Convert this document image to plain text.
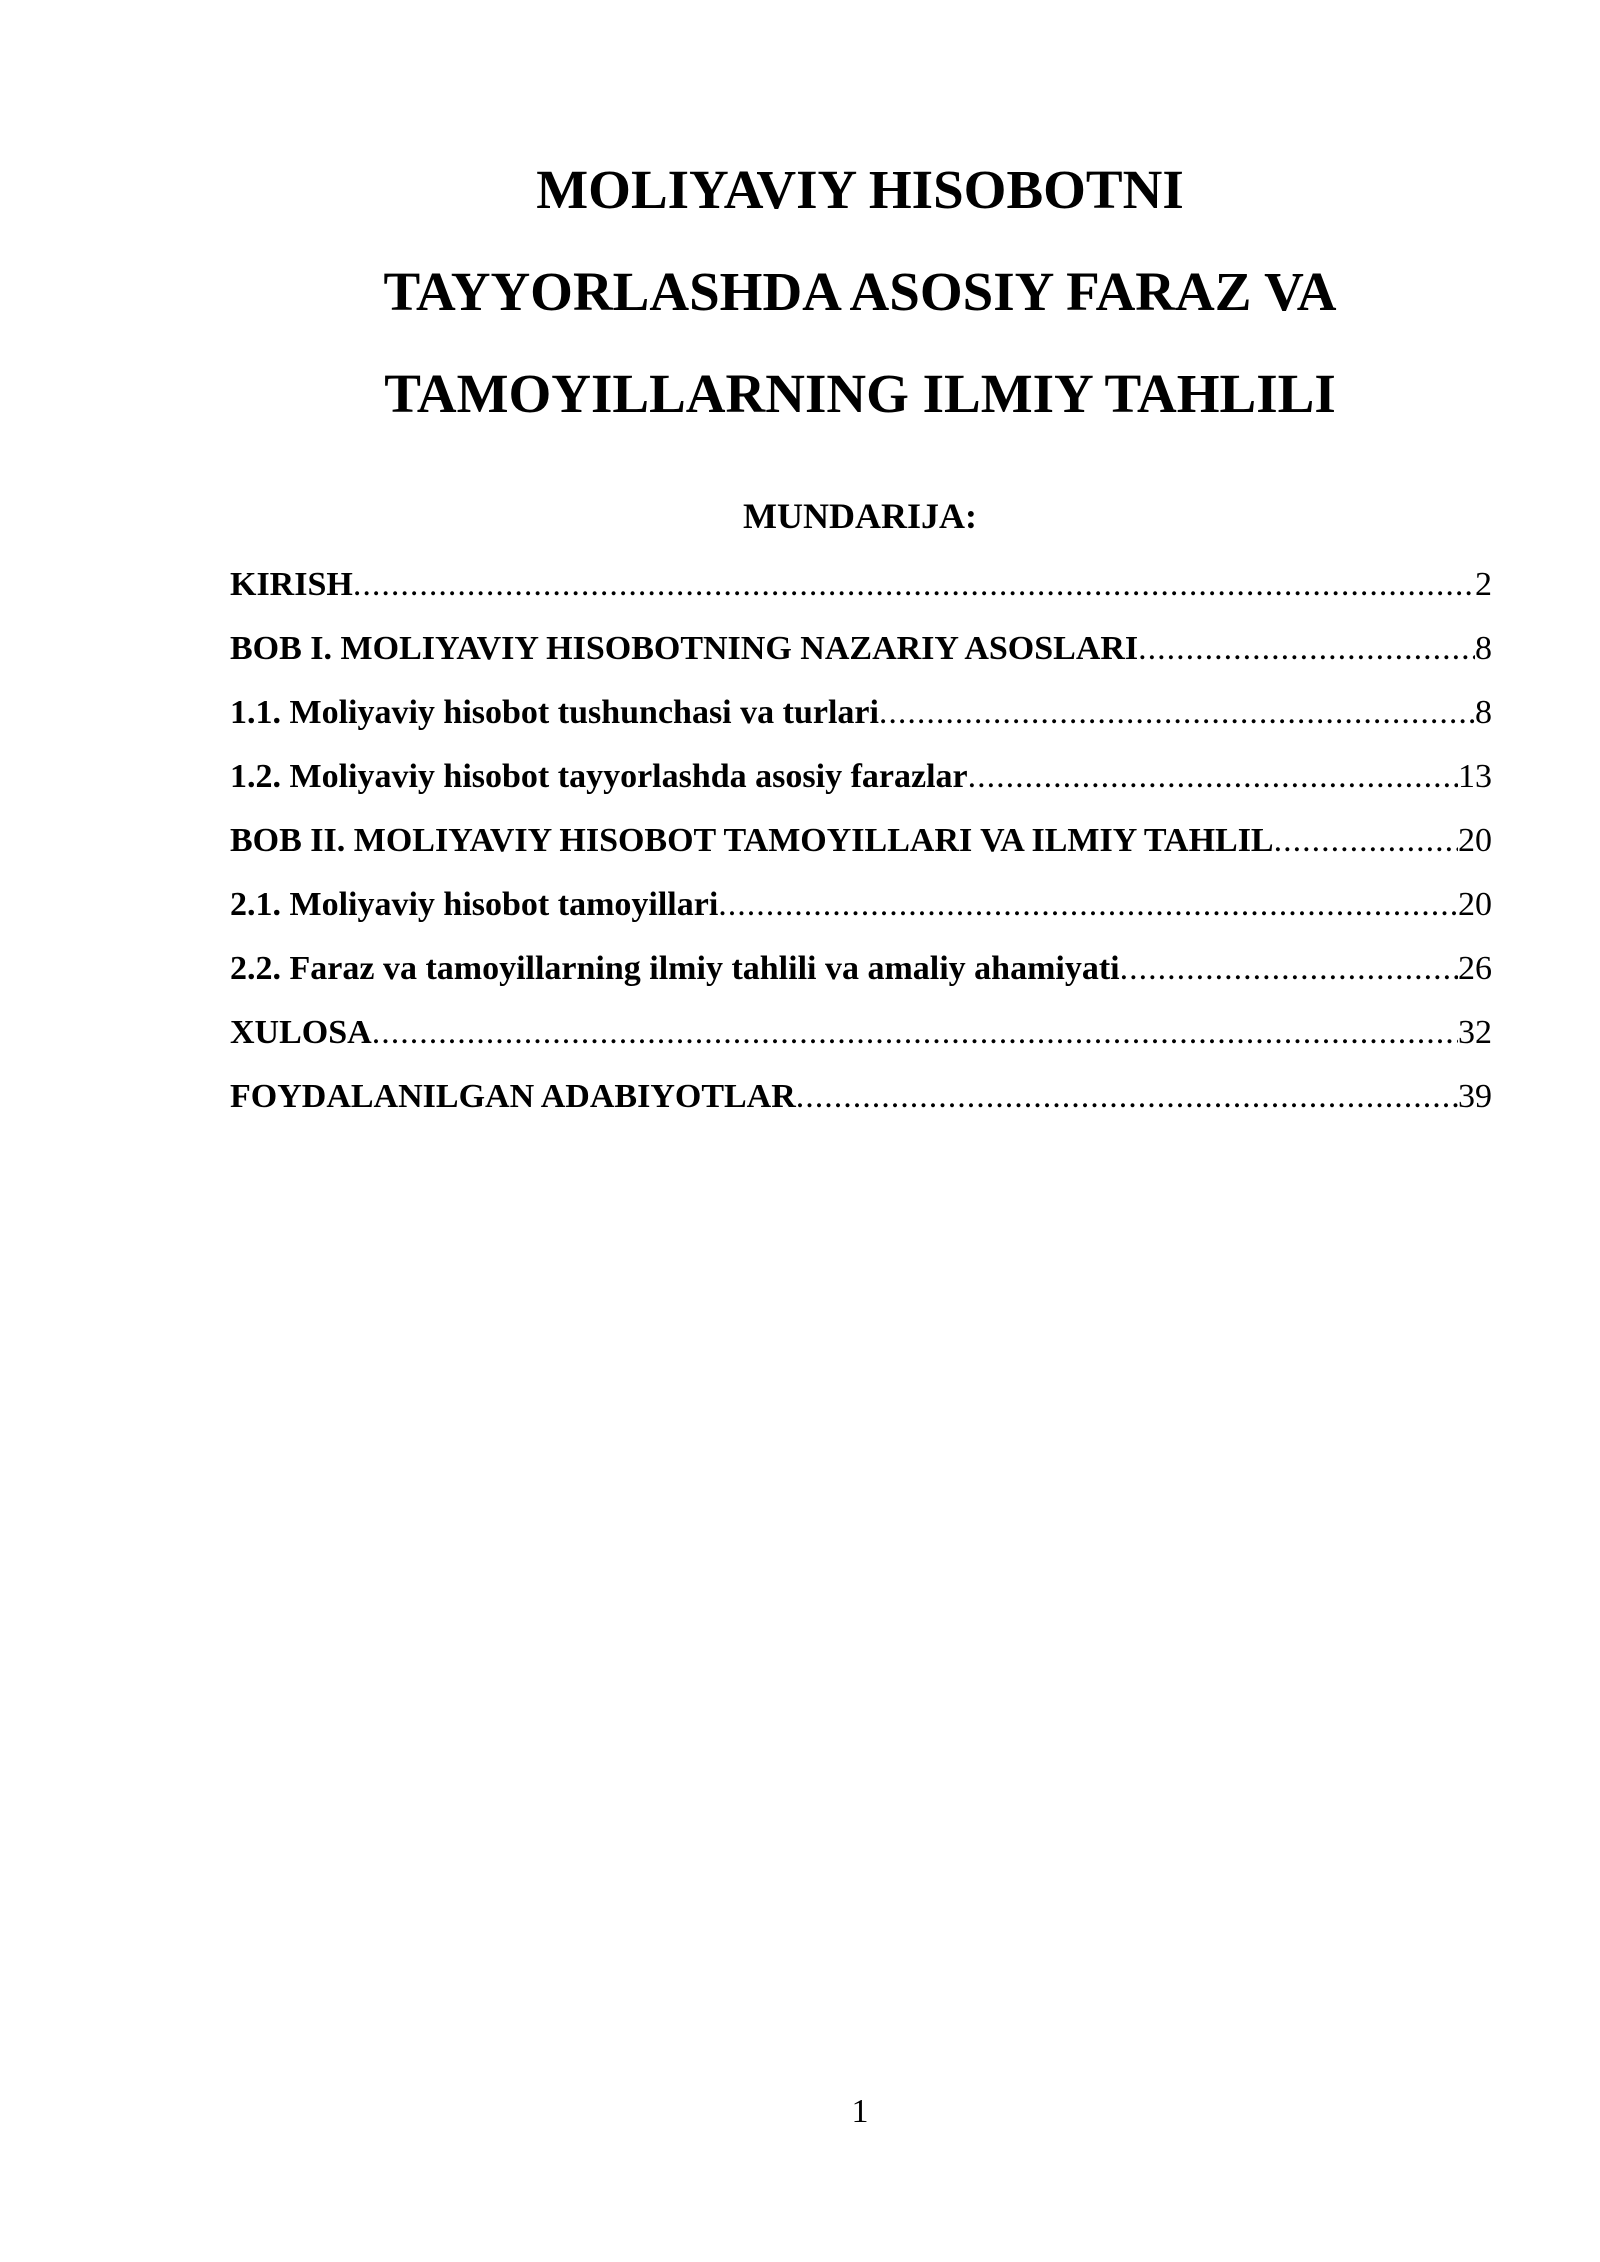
MOLIYAVIY HISOBOTNI
TAYYORLASHDA ASOSIY FARAZ VA
TAMOYILLARNING ILMIY TAHLILI
MUNDARIJA:
KIRISH .....	2
BOB I. MOLIYAVIY HISOBOTNING NAZARIY ASOSLARI .....	8
1.1. Moliyaviy hisobot tushunchasi va turlari .....	8
1.2. Moliyaviy hisobot tayyorlashda asosiy farazlar .....	13
BOB II. MOLIYAVIY HISOBOT TAMOYILLARI VA ILMIY TAHLIL .....	20
2.1. Moliyaviy hisobot tamoyillari .....	20
2.2. Faraz va tamoyillarning ilmiy tahlili va amaliy ahamiyati .....	26
XULOSA .....	32
FOYDALANILGAN ADABIYOTLAR .....	39
1
